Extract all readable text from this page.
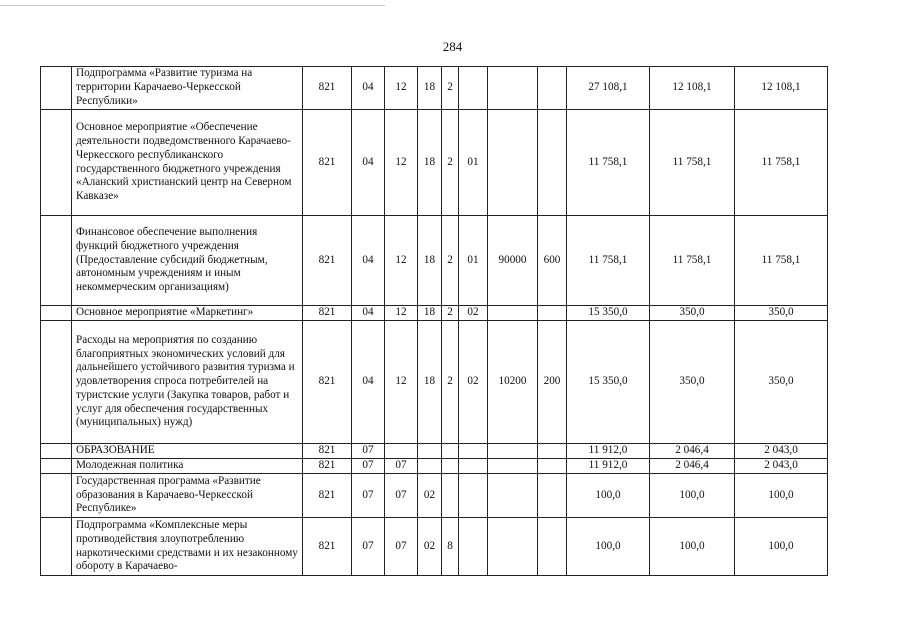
284
	Подпрограмма «Развитие туризма на территории Карачаево-Черкесской Республики»	821	04	12	18	2				27 108,1	12 108,1	12 108,1
	Основное мероприятие «Обеспечение деятельности подведомственного Карачаево-Черкесского республиканского государственного бюджетного учреждения «Аланский христианский центр на Северном Кавказе»	821	04	12	18	2	01			11 758,1	11 758,1	11 758,1
	Финансовое обеспечение выполнения функций бюджетного учреждения (Предоставление субсидий бюджетным, автономным учреждениям и иным некоммерческим организациям)	821	04	12	18	2	01	90000	600	11 758,1	11 758,1	11 758,1
	Основное мероприятие «Маркетинг»	821	04	12	18	2	02			15 350,0	350,0	350,0
	Расходы на мероприятия по созданию благоприятных экономических условий для дальнейшего устойчивого развития туризма и удовлетворения спроса потребителей на туристские услуги (Закупка товаров, работ и услуг для обеспечения государственных (муниципальных) нужд)	821	04	12	18	2	02	10200	200	15 350,0	350,0	350,0
	ОБРАЗОВАНИЕ	821	07							11 912,0	2 046,4	2 043,0
	Молодежная политика	821	07	07						11 912,0	2 046,4	2 043,0
	Государственная программа «Развитие образования в Карачаево-Черкесской Республике»	821	07	07	02					100,0	100,0	100,0
	Подпрограмма «Комплексные меры противодействия злоупотреблению наркотическими средствами и их незаконному обороту в Карачаево-	821	07	07	02	8				100,0	100,0	100,0
